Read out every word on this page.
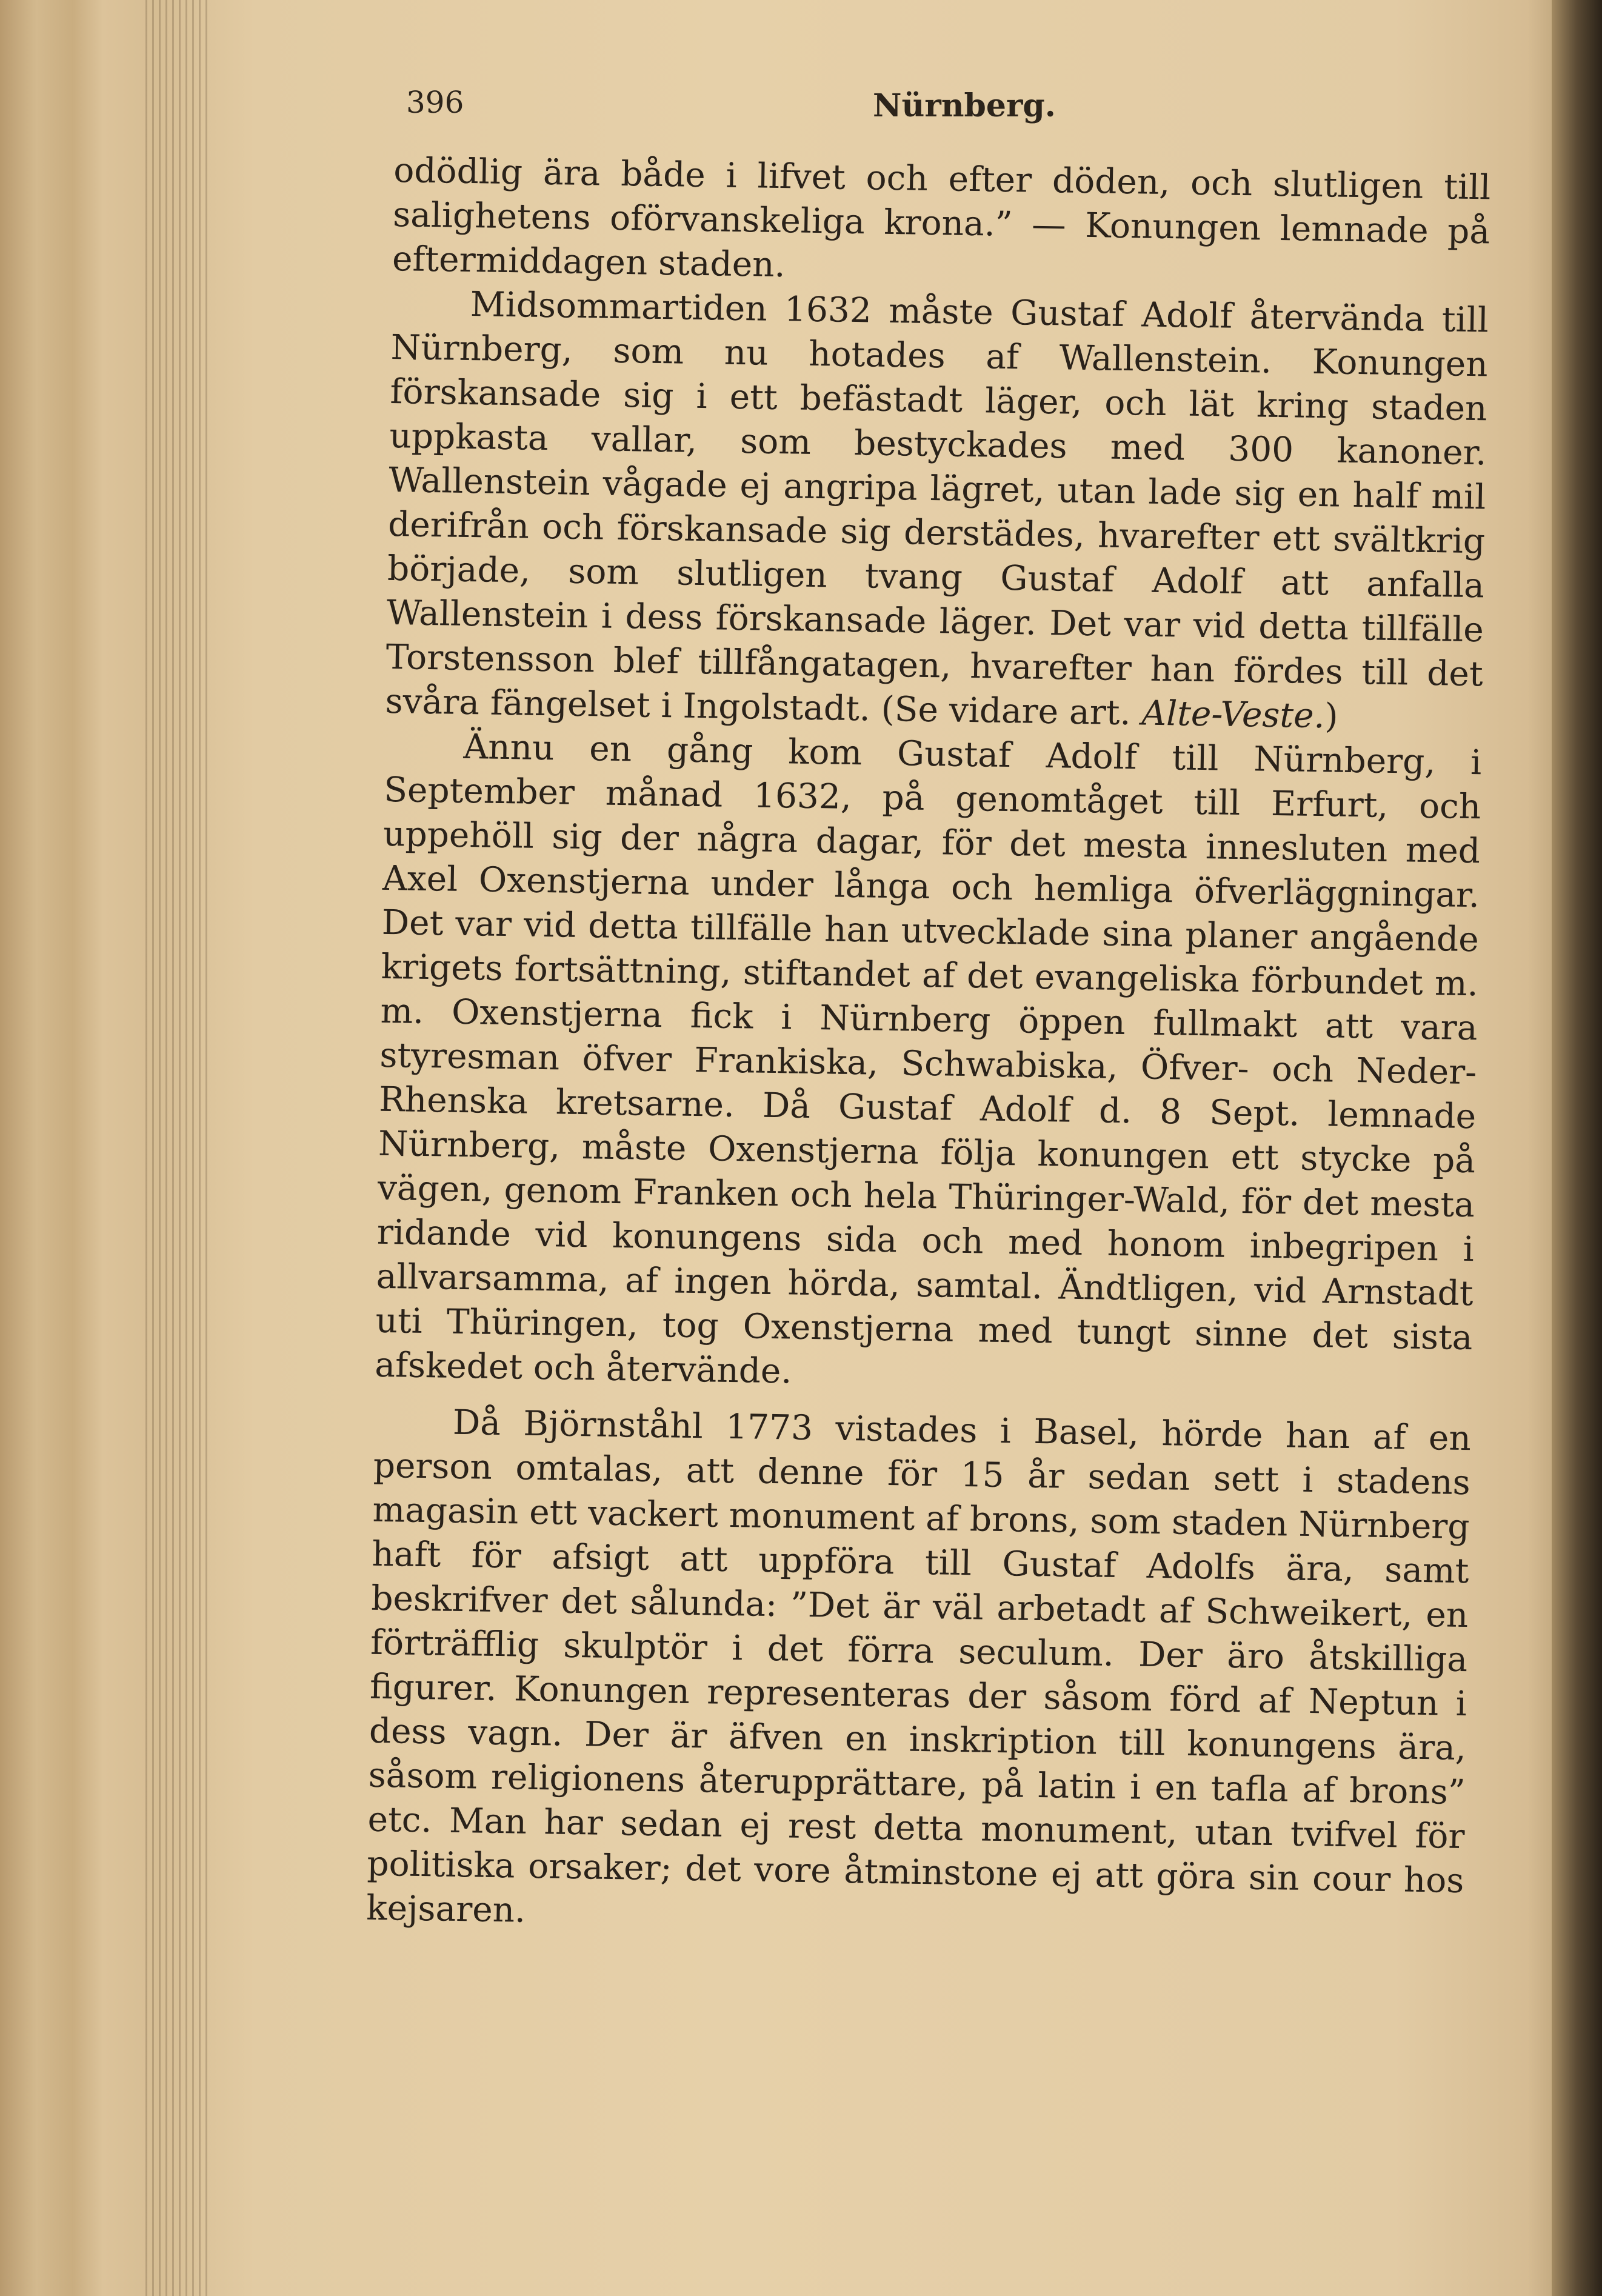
396	Nürnberg.

odödlig ära både i lifvet och efter döden, och slutligen till salighetens oförvanskeliga krona.” — Konungen lemnade på eftermiddagen staden.

Midsommartiden 1632 måste Gustaf Adolf återvända till Nürnberg, som nu hotades af Wallenstein. Konungen förskansade sig i ett befästadt läger, och lät kring staden uppkasta vallar, som bestyckades med 300 kanoner. Wallenstein vågade ej angripa lägret, utan lade sig en half mil derifrån och förskansade sig derstädes, hvarefter ett svältkrig började, som slutligen tvang Gustaf Adolf att anfalla Wallenstein i dess förskansade läger. Det var vid detta tillfälle Torstensson blef tillfångatagen, hvarefter han fördes till det svåra fängelset i Ingolstadt. (Se vidare art. Alte-Veste.)

Ännu en gång kom Gustaf Adolf till Nürnberg, i September månad 1632, på genomtåget till Erfurt, och uppehöll sig der några dagar, för det mesta innesluten med Axel Oxenstjerna under långa och hemliga öfverläggningar. Det var vid detta tillfälle han utvecklade sina planer angående krigets fortsättning, stiftandet af det evangeliska förbundet m. m. Oxenstjerna fick i Nürnberg öppen fullmakt att vara styresman öfver Frankiska, Schwabiska, Öfver- och Neder-Rhenska kretsarne. Då Gustaf Adolf d. 8 Sept. lemnade Nürnberg, måste Oxenstjerna följa konungen ett stycke på vägen, genom Franken och hela Thüringer-Wald, för det mesta ridande vid konungens sida och med honom inbegripen i allvarsamma, af ingen hörda, samtal. Ändtligen, vid Arnstadt uti Thüringen, tog Oxenstjerna med tungt sinne det sista afskedet och återvände.

Då Björnståhl 1773 vistades i Basel, hörde han af en person omtalas, att denne för 15 år sedan sett i stadens magasin ett vackert monument af brons, som staden Nürnberg haft för afsigt att uppföra till Gustaf Adolfs ära, samt beskrifver det sålunda: ”Det är väl arbetadt af Schweikert, en förträfflig skulptör i det förra seculum. Der äro åtskilliga figurer. Konungen representeras der såsom förd af Neptun i dess vagn. Der är äfven en inskription till konungens ära, såsom religionens återupprättare, på latin i en tafla af brons” etc. Man har sedan ej rest detta monument, utan tvifvel för politiska orsaker; det vore åtminstone ej att göra sin cour hos kejsaren.
